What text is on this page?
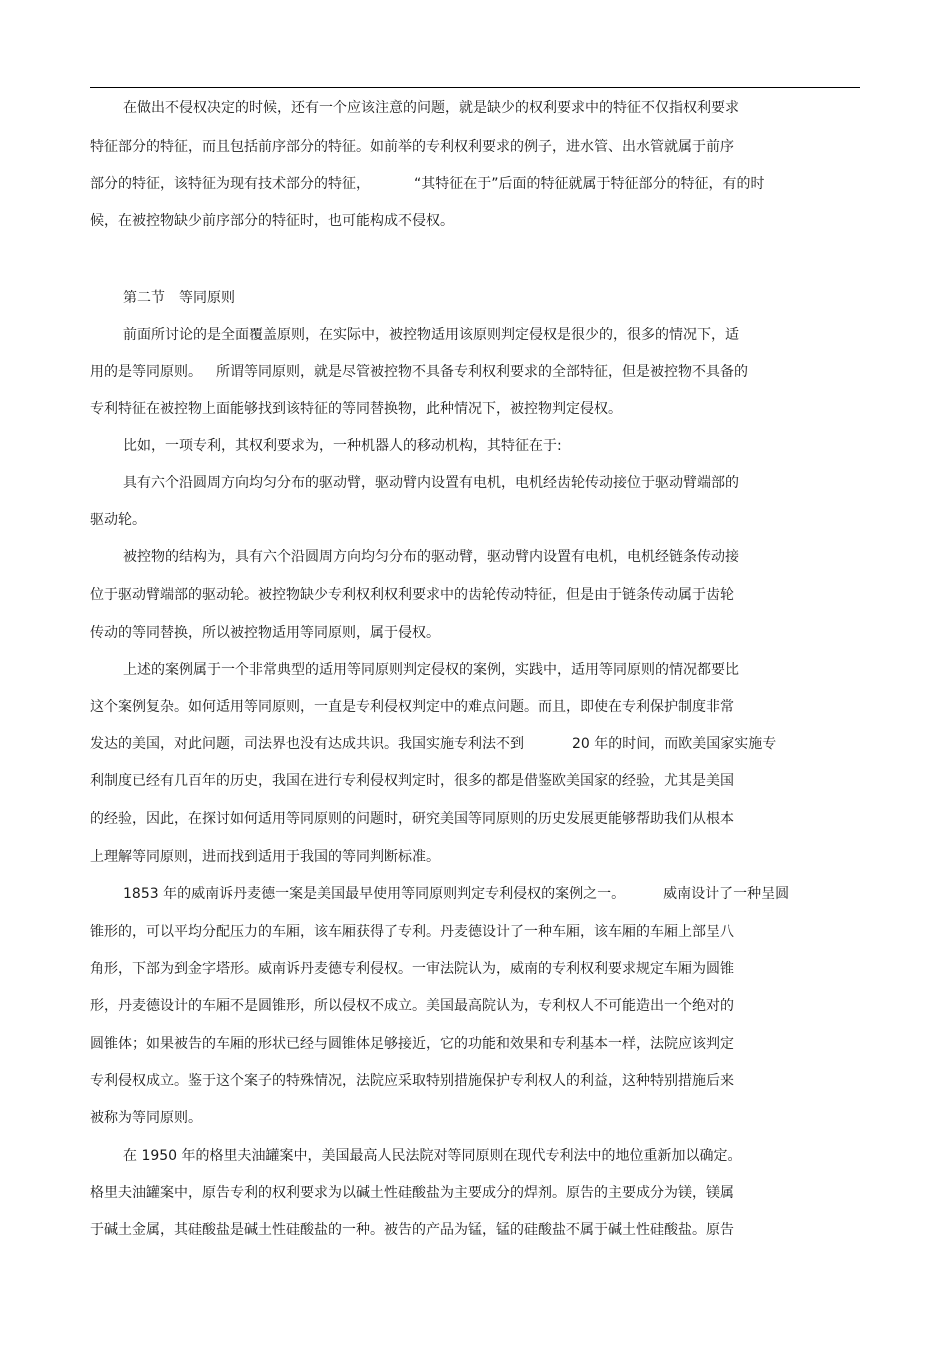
在做出不侵权决定的时候，还有一个应该注意的问题，就是缺少的权利要求中的特征不仅指权利要求
特征部分的特征，而且包括前序部分的特征。如前举的专利权利要求的例子，进水管、出水管就属于前序
部分的特征，该特征为现有技术部分的特征，	“其特征在于”后面的特征就属于特征部分的特征，有的时
候，在被控物缺少前序部分的特征时，也可能构成不侵权。
第二节 等同原则
前面所讨论的是全面覆盖原则，在实际中，被控物适用该原则判定侵权是很少的，很多的情况下，适
用的是等同原则。 所谓等同原则，就是尽管被控物不具备专利权利要求的全部特征，但是被控物不具备的
专利特征在被控物上面能够找到该特征的等同替换物，此种情况下，被控物判定侵权。
比如，一项专利，其权利要求为，一种机器人的移动机构，其特征在于:
具有六个沿圆周方向均匀分布的驱动臂，驱动臂内设置有电机，电机经齿轮传动接位于驱动臂端部的
驱动轮。
被控物的结构为，具有六个沿圆周方向均匀分布的驱动臂，驱动臂内设置有电机，电机经链条传动接
位于驱动臂端部的驱动轮。被控物缺少专利权利权利要求中的齿轮传动特征，但是由于链条传动属于齿轮
传动的等同替换，所以被控物适用等同原则，属于侵权。
上述的案例属于一个非常典型的适用等同原则判定侵权的案例，实践中，适用等同原则的情况都要比
这个案例复杂。如何适用等同原则，一直是专利侵权判定中的难点问题。而且，即使在专利保护制度非常
发达的美国，对此问题，司法界也没有达成共识。我国实施专利法不到	20 年的时间，而欧美国家实施专
利制度已经有几百年的历史，我国在进行专利侵权判定时，很多的都是借鉴欧美国家的经验，尤其是美国
的经验，因此，在探讨如何适用等同原则的问题时，研究美国等同原则的历史发展更能够帮助我们从根本
上理解等同原则，进而找到适用于我国的等同判断标准。
1853 年的威南诉丹麦德一案是美国最早使用等同原则判定专利侵权的案例之一。	威南设计了一种呈圆
锥形的，可以平均分配压力的车厢，该车厢获得了专利。丹麦德设计了一种车厢，该车厢的车厢上部呈八
角形，下部为到金字塔形。威南诉丹麦德专利侵权。一审法院认为，威南的专利权利要求规定车厢为圆锥
形，丹麦德设计的车厢不是圆锥形，所以侵权不成立。美国最高院认为，专利权人不可能造出一个绝对的
圆锥体；如果被告的车厢的形状已经与圆锥体足够接近，它的功能和效果和专利基本一样，法院应该判定
专利侵权成立。鉴于这个案子的特殊情况，法院应采取特别措施保护专利权人的利益，这种特别措施后来
被称为等同原则。
在 1950 年的格里夫油罐案中，美国最高人民法院对等同原则在现代专利法中的地位重新加以确定。
格里夫油罐案中，原告专利的权利要求为以碱土性硅酸盐为主要成分的焊剂。原告的主要成分为镁，镁属
于碱土金属，其硅酸盐是碱土性硅酸盐的一种。被告的产品为锰，锰的硅酸盐不属于碱土性硅酸盐。原告
